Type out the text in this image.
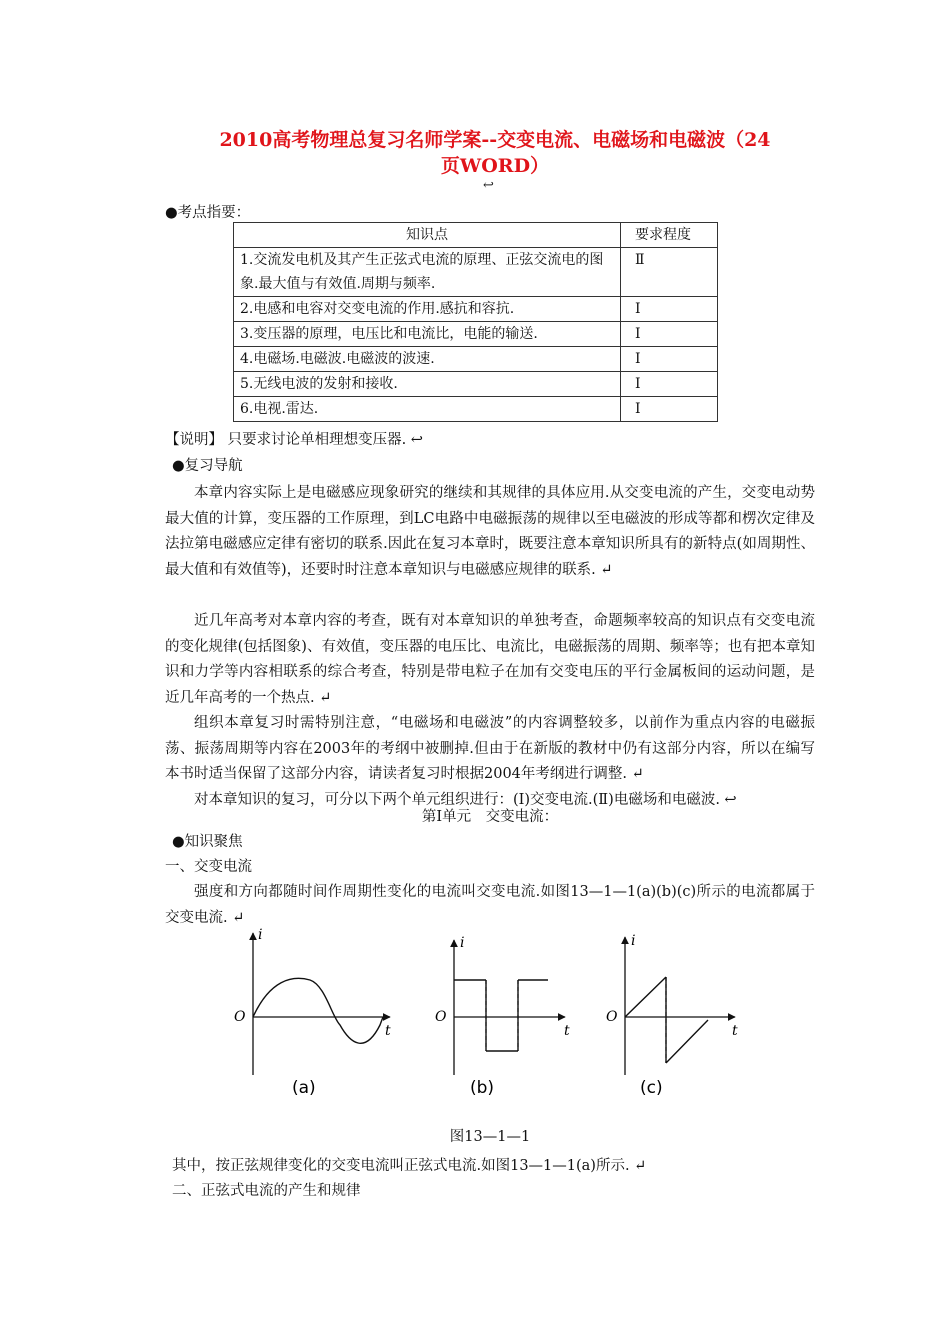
2010高考物理总复习名师学案--交变电流、电磁场和电磁波（24
页WORD）
↩
●考点指要：
知识点	要求程度
1.交流发电机及其产生正弦式电流的原理、正弦交流电的图象.最大值与有效值.周期与频率.	Ⅱ
2.电感和电容对交变电流的作用.感抗和容抗.	Ⅰ
3.变压器的原理，电压比和电流比，电能的输送.	Ⅰ
4.电磁场.电磁波.电磁波的波速.	Ⅰ
5.无线电波的发射和接收.	Ⅰ
6.电视.雷达.	Ⅰ
【说明】 只要求讨论单相理想变压器. ↩
●复习导航
本章内容实际上是电磁感应现象研究的继续和其规律的具体应用.从交变电流的产生，交变电动势最大值的计算，变压器的工作原理，到LC电路中电磁振荡的规律以至电磁波的形成等都和楞次定律及法拉第电磁感应定律有密切的联系.因此在复习本章时，既要注意本章知识所具有的新特点(如周期性、最大值和有效值等)，还要时时注意本章知识与电磁感应规律的联系. ↵
近几年高考对本章内容的考查，既有对本章知识的单独考查，命题频率较高的知识点有交变电流的变化规律(包括图象)、有效值，变压器的电压比、电流比，电磁振荡的周期、频率等；也有把本章知识和力学等内容相联系的综合考查，特别是带电粒子在加有交变电压的平行金属板间的运动问题，是近几年高考的一个热点. ↵
组织本章复习时需特别注意，“电磁场和电磁波”的内容调整较多，以前作为重点内容的电磁振荡、振荡周期等内容在2003年的考纲中被删掉.但由于在新版的教材中仍有这部分内容，所以在编写本书时适当保留了这部分内容，请读者复习时根据2004年考纲进行调整. ↵
对本章知识的复习，可分以下两个单元组织进行：(Ⅰ)交变电流.(Ⅱ)电磁场和电磁波. ↩
第Ⅰ单元　交变电流：
●知识聚焦
一、交变电流
强度和方向都随时间作周期性变化的电流叫交变电流.如图13—1—1(a)(b)(c)所示的电流都属于交变电流. ↵
i
t
O
(a)
i
t
O
(b)
i
t
O
(c)
图13—1—1
其中，按正弦规律变化的交变电流叫正弦式电流.如图13—1—1(a)所示. ↵
二、正弦式电流的产生和规律
